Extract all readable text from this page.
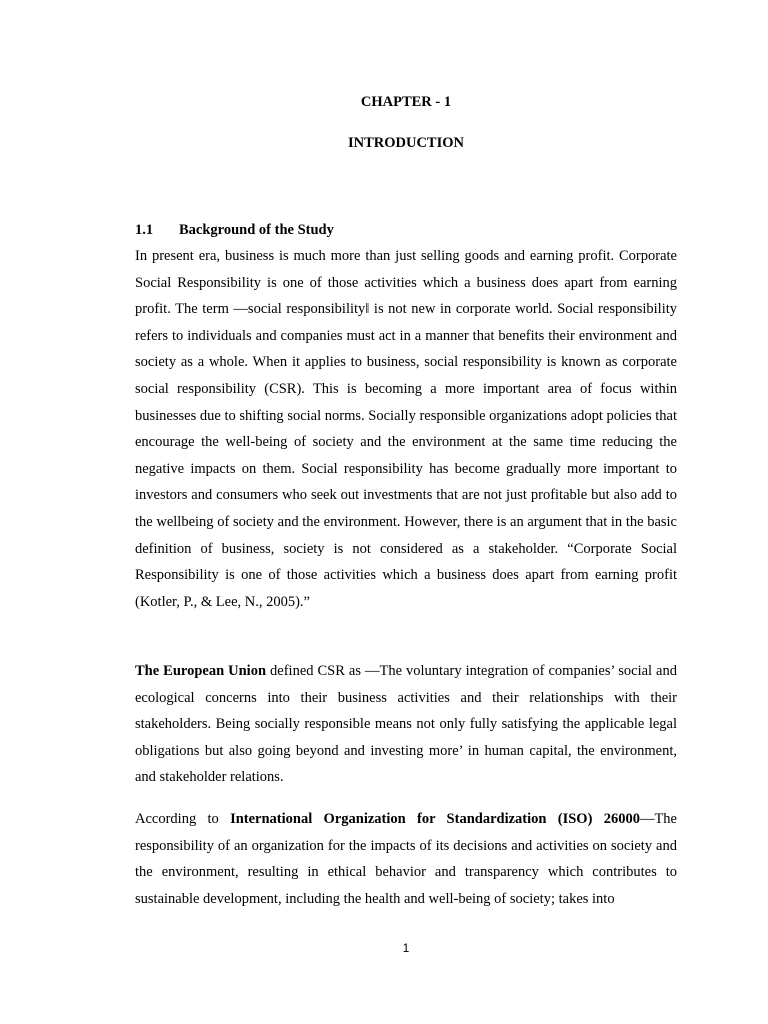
CHAPTER - 1
INTRODUCTION
1.1 Background of the Study

In present era, business is much more than just selling goods and earning profit. Corporate Social Responsibility is one of those activities which a business does apart from earning profit. The term —social responsibility‖ is not new in corporate world. Social responsibility refers to individuals and companies must act in a manner that benefits their environment and society as a whole. When it applies to business, social responsibility is known as corporate social responsibility (CSR). This is becoming a more important area of focus within businesses due to shifting social norms. Socially responsible organizations adopt policies that encourage the well-being of society and the environment at the same time reducing the negative impacts on them. Social responsibility has become gradually more important to investors and consumers who seek out investments that are not just profitable but also add to the wellbeing of society and the environment. However, there is an argument that in the basic definition of business, society is not considered as a stakeholder. “Corporate Social Responsibility is one of those activities which a business does apart from earning profit (Kotler, P., & Lee, N., 2005).”

The European Union defined CSR as —The voluntary integration of companies’ social and ecological concerns into their business activities and their relationships with their stakeholders. Being socially responsible means not only fully satisfying the applicable legal obligations but also going beyond and investing more’ in human capital, the environment, and stakeholder relations.

According to International Organization for Standardization (ISO) 26000—The responsibility of an organization for the impacts of its decisions and activities on society and the environment, resulting in ethical behavior and transparency which contributes to sustainable development, including the health and well-being of society; takes into

1
